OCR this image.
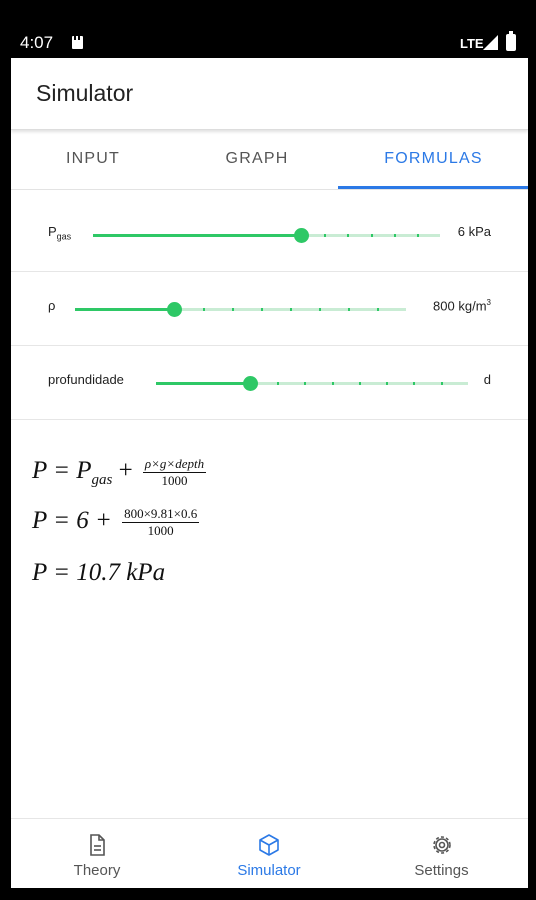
4:07	LTE
Simulator
INPUT	GRAPH	FORMULAS
$P_{gas}$	6 kPa
ρ	800 $kg/m^3$
profundidade	d
$P = P_{gas} + \frac{\text{ρ×g×depth}}{1000}$
$P = 6 + \frac{800\times 9.81\times 0.6}{1000}$
P = 10.7 kPa
Theory	Simulator	Settings
